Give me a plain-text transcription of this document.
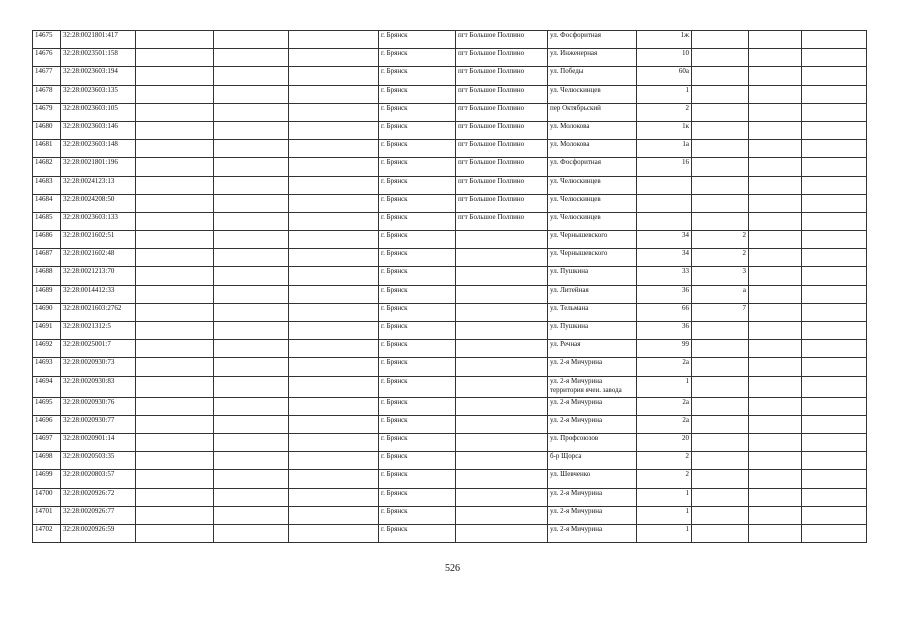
14675	32:28:0021801:417				г. Брянск	пгт Большое Полпино	ул. Фосфоритная	1ж			
14676	32:28:0023501:158				г. Брянск	пгт Большое Полпино	ул. Инженерная	10			
14677	32:28:0023603:194				г. Брянск	пгт Большое Полпино	ул. Победы	60а			
14678	32:28:0023603:135				г. Брянск	пгт Большое Полпино	ул. Челюскинцев	1			
14679	32:28:0023603:105				г. Брянск	пгт Большое Полпино	пер Октябрьский	2			
14680	32:28:0023603:146				г. Брянск	пгт Большое Полпино	ул. Молокова	1к			
14681	32:28:0023603:148				г. Брянск	пгт Большое Полпино	ул. Молокова	1а			
14682	32:28:0021801:196				г. Брянск	пгт Большое Полпино	ул. Фосфоритная	16			
14683	32:28:0024123:13				г. Брянск	пгт Большое Полпино	ул. Челюскинцев				
14684	32:28:0024208:50				г. Брянск	пгт Большое Полпино	ул. Челюскинцев				
14685	32:28:0023603:133				г. Брянск	пгт Большое Полпино	ул. Челюскинцев				
14686	32:28:0021602:51				г. Брянск		ул. Чернышевского	34	2		
14687	32:28:0021602:48				г. Брянск		ул. Чернышевского	34	2		
14688	32:28:0021213:70				г. Брянск		ул. Пушкина	33	3		
14689	32:28:0014412:33				г. Брянск		ул. Литейная	36	а		
14690	32:28:0021603:2762				г. Брянск		ул. Тельмана	66	7		
14691	32:28:0021312:5				г. Брянск		ул. Пушкина	36			
14692	32:28:0025001:7				г. Брянск		ул. Речная	99			
14693	32:28:0020930:73				г. Брянск		ул. 2-я Мичурина	2а			
14694	32:28:0020930:83				г. Брянск		ул. 2-я Мичурина территория ячеи. завода	1			
14695	32:28:0020930:76				г. Брянск		ул. 2-я Мичурина	2а			
14696	32:28:0020930:77				г. Брянск		ул. 2-я Мичурина	2а			
14697	32:28:0020901:14				г. Брянск		ул. Профсоюзов	20			
14698	32:28:0020503:35				г. Брянск		б-р Щорса	2			
14699	32:28:0020803:57				г. Брянск		ул. Шевченко	2			
14700	32:28:0020926:72				г. Брянск		ул. 2-я Мичурина	1			
14701	32:28:0020926:77				г. Брянск		ул. 2-я Мичурина	1			
14702	32:28:0020926:59				г. Брянск		ул. 2-я Мичурина	1			
526
